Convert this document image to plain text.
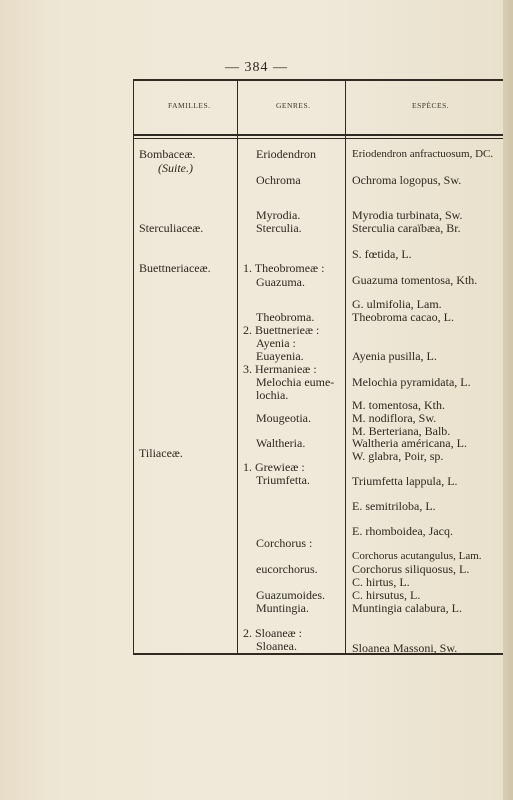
— 384 —
FAMILLES.	GENRES.	ESPÈCES.
Bombaceæ.
(Suite.)
Sterculiaceæ.
Buettneriaceæ.
Tiliaceæ.
Eriodendron
Ochroma
Myrodia.
Sterculia.
1. Theobromeæ :
Guazuma.
Theobroma.
2. Buettnerieæ :
Ayenia :
Euayenia.
3. Hermanieæ :
Melochia eume-
lochia.
Mougeotia.
Waltheria.
1. Grewieæ :
Triumfetta.
Corchorus :
eucorchorus.
Guazumoides.
Muntingia.
2. Sloaneæ :
Sloanea.
Eriodendron anfractuosum, DC.
Ochroma logopus, Sw.
Myrodia turbinata, Sw.
Sterculia caraïbæa, Br.
S. fœtida, L.
Guazuma tomentosa, Kth.
G. ulmifolia, Lam.
Theobroma cacao, L.
Ayenia pusilla, L.
Melochia pyramidata, L.
M. tomentosa, Kth.
M. nodiflora, Sw.
M. Berteriana, Balb.
Waltheria américana, L.
W. glabra, Poir, sp.
Triumfetta lappula, L.
E. semitriloba, L.
E. rhomboidea, Jacq.
Corchorus acutangulus, Lam.
Corchorus siliquosus, L.
C. hirtus, L.
C. hirsutus, L.
Muntingia calabura, L.
Sloanea Massoni, Sw.
